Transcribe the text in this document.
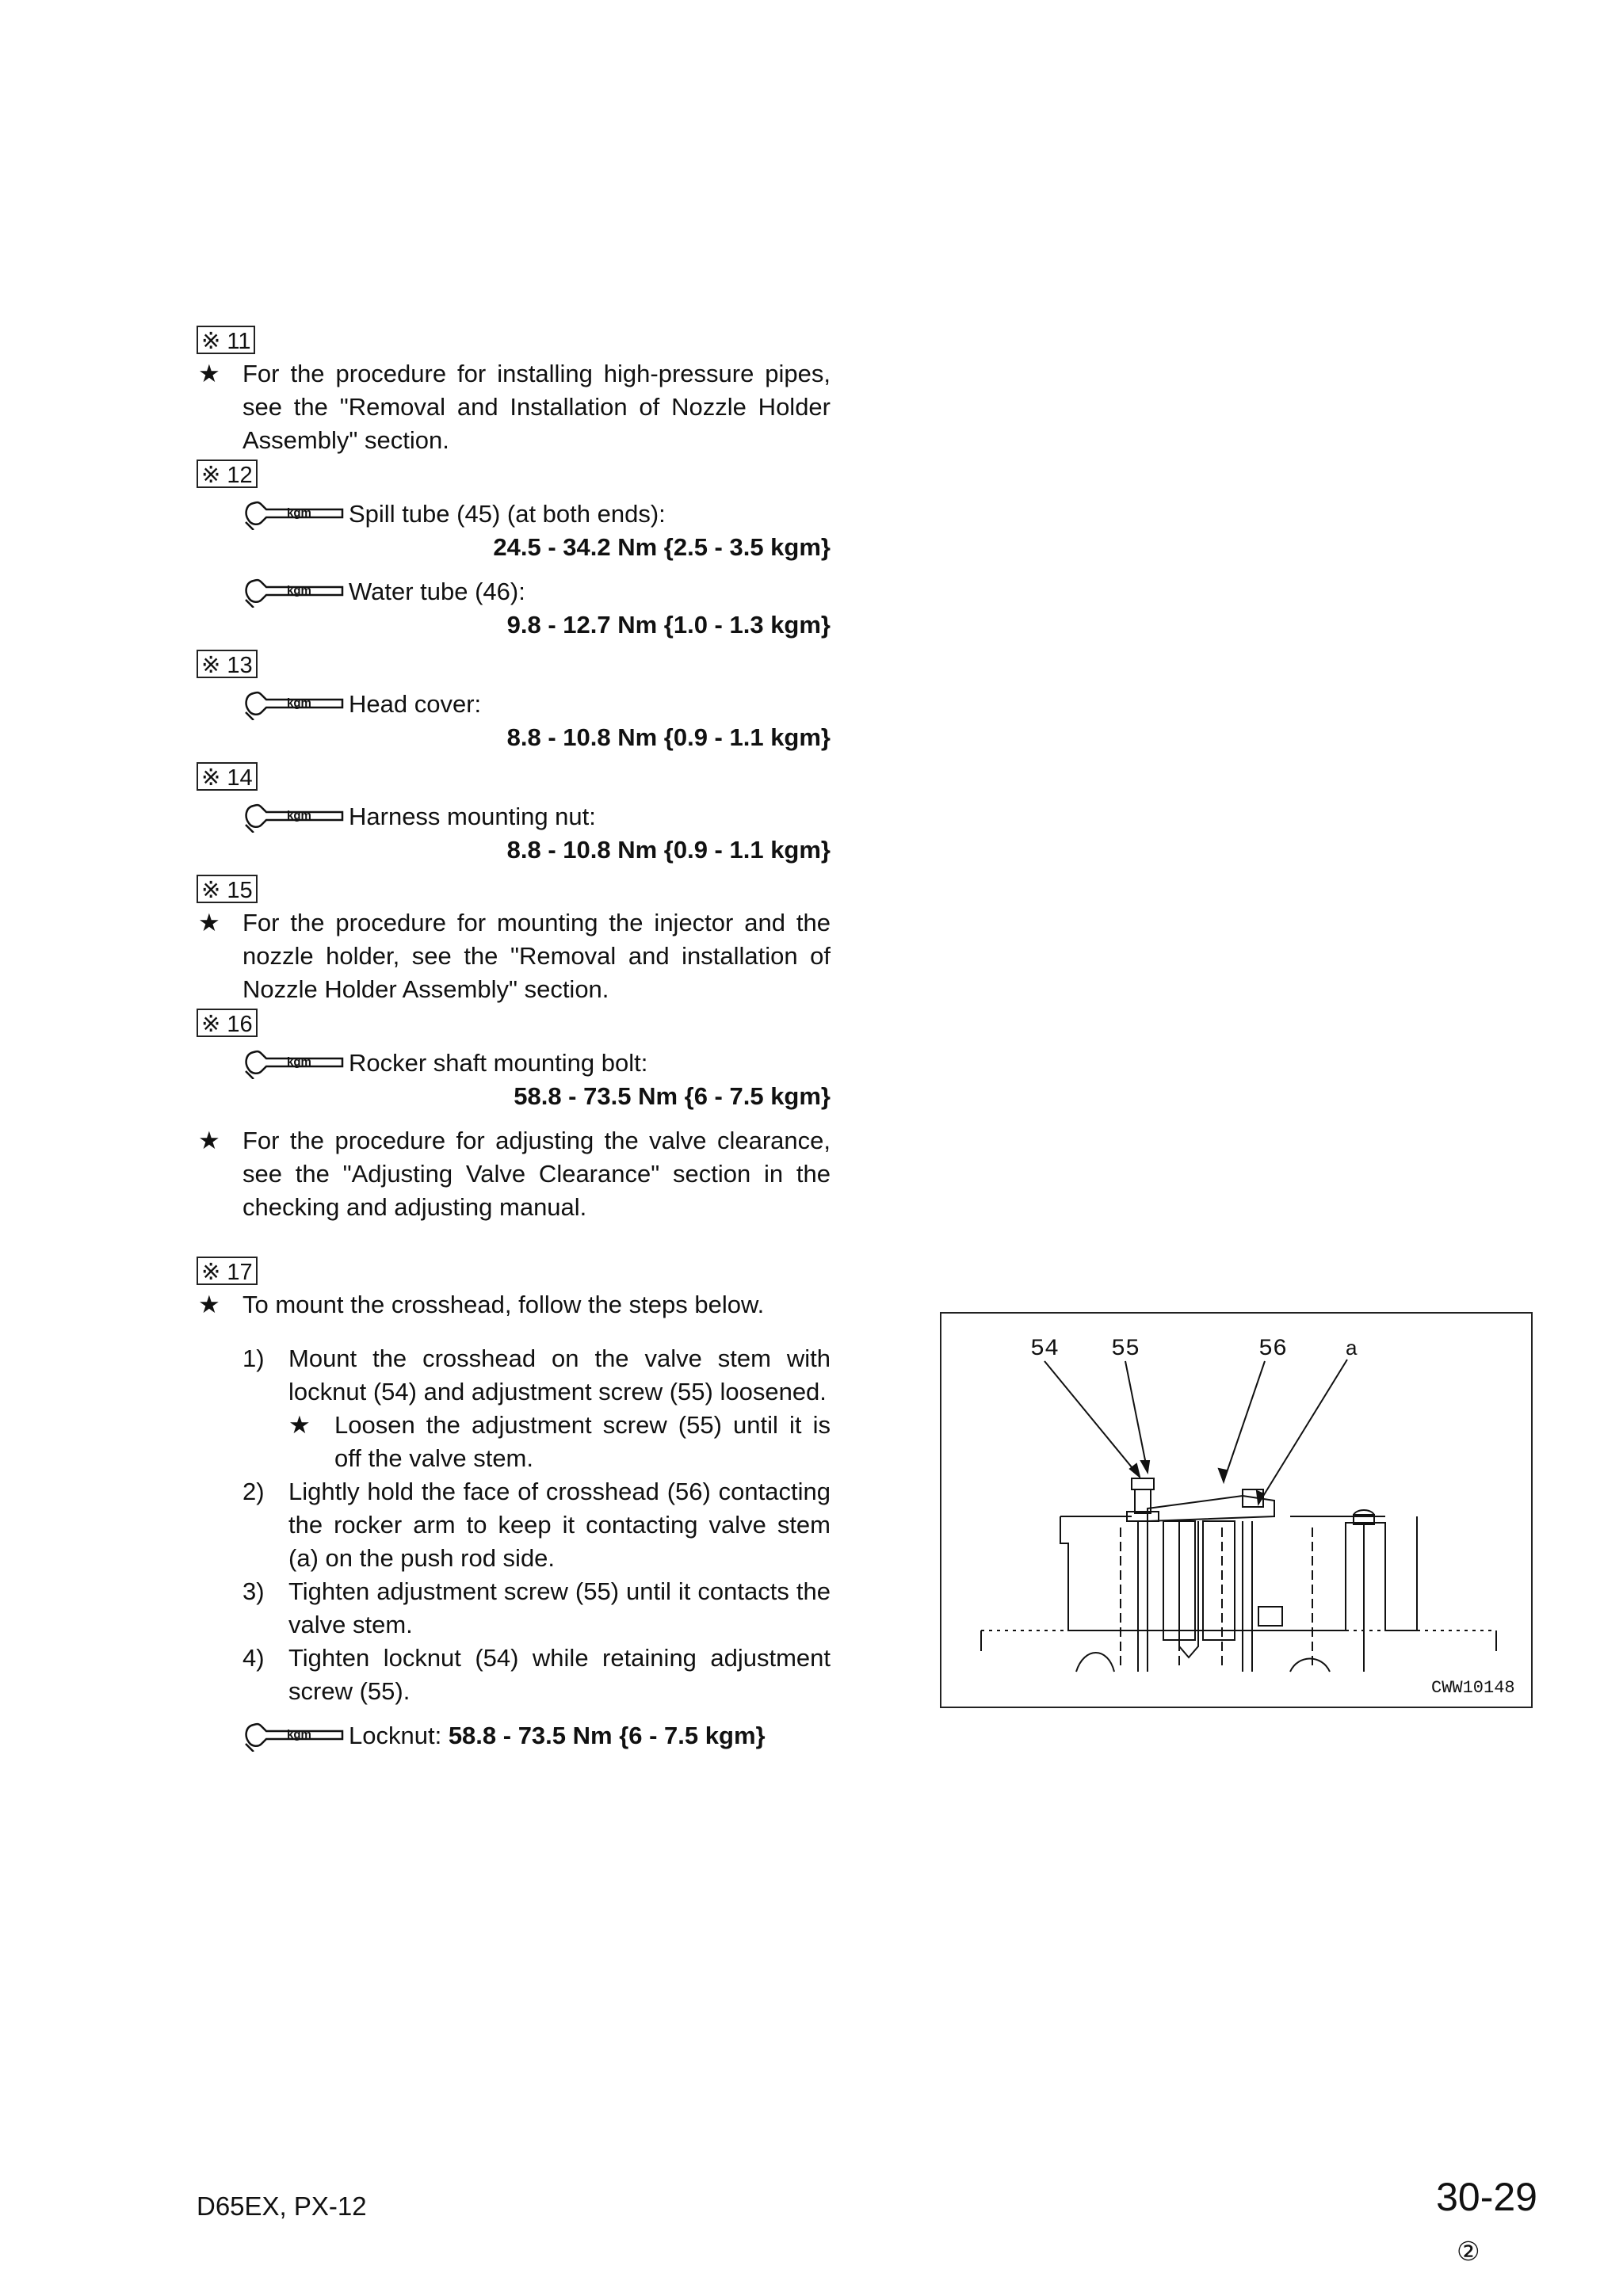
※ 11
★ For the procedure for installing high-pressure pipes, see the "Removal and Installation of Nozzle Holder Assembly" section.
※ 12
kgm Spill tube (45) (at both ends):
24.5 - 34.2 Nm {2.5 - 3.5 kgm}
kgm Water tube (46):
9.8 - 12.7 Nm {1.0 - 1.3 kgm}
※ 13
kgm Head cover:
8.8 - 10.8 Nm {0.9 - 1.1 kgm}
※ 14
kgm Harness mounting nut:
8.8 - 10.8 Nm {0.9 - 1.1 kgm}
※ 15
★ For the procedure for mounting the injector and the nozzle holder, see the "Removal and installation of Nozzle Holder Assembly" section.
※ 16
kgm Rocker shaft mounting bolt:
58.8 - 73.5 Nm {6 - 7.5 kgm}
★ For the procedure for adjusting the valve clearance, see the "Adjusting Valve Clearance" section in the checking and adjusting manual.
※ 17
★ To mount the crosshead, follow the steps below.
1) Mount the crosshead on the valve stem with locknut (54) and adjustment screw (55) loosened.
★ Loosen the adjustment screw (55) until it is off the valve stem.
2) Lightly hold the face of crosshead (56) contacting the rocker arm to keep it contacting valve stem (a) on the push rod side.
3) Tighten adjustment screw (55) until it contacts the valve stem.
4) Tighten locknut (54) while retaining adjustment screw (55).
kgm Locknut: 58.8 - 73.5 Nm {6 - 7.5 kgm}
54 55	56	a
CWW10148
D65EX, PX-12	30-29
②
